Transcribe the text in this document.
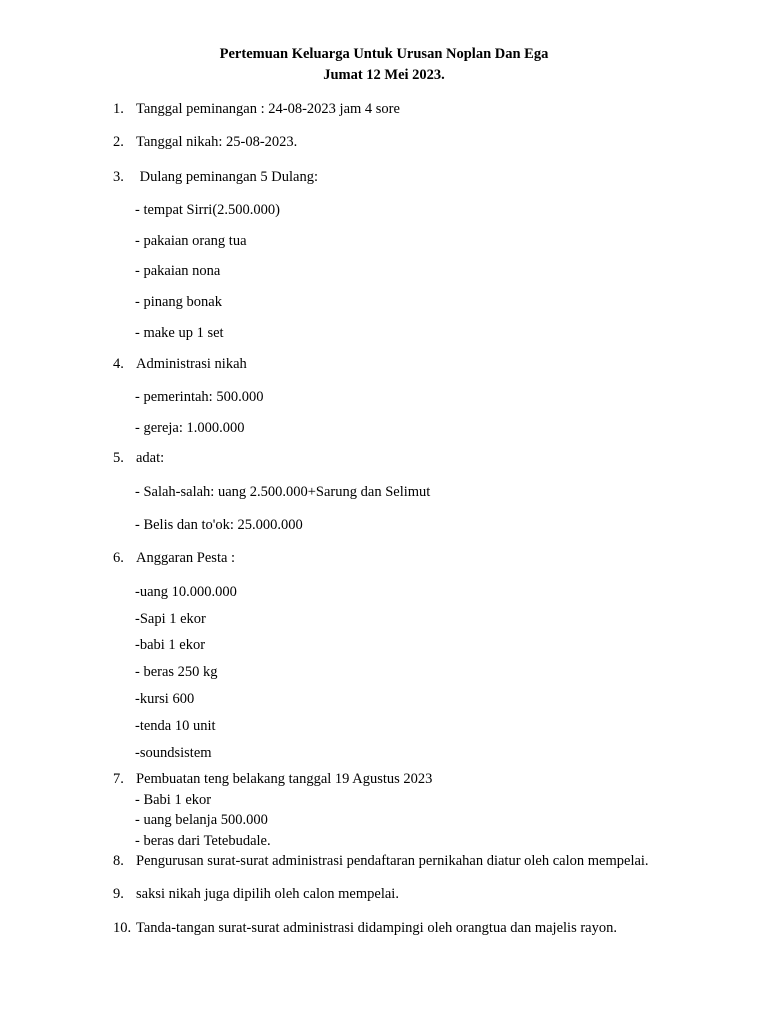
Pertemuan Keluarga Untuk Urusan Noplan Dan Ega
Jumat 12 Mei 2023.
1. Tanggal peminangan : 24-08-2023 jam 4 sore
2. Tanggal nikah: 25-08-2023.
3. Dulang peminangan 5 Dulang:
- tempat Sirri(2.500.000)
- pakaian orang tua
- pakaian nona
- pinang bonak
- make up 1 set
4. Administrasi nikah
- pemerintah: 500.000
- gereja: 1.000.000
5. adat:
- Salah-salah: uang 2.500.000+Sarung dan Selimut
- Belis dan to'ok: 25.000.000
6. Anggaran Pesta :
-uang 10.000.000
-Sapi 1 ekor
-babi 1 ekor
- beras 250 kg
-kursi 600
-tenda 10 unit
-soundsistem
7. Pembuatan teng belakang tanggal 19 Agustus 2023
- Babi 1 ekor
- uang belanja 500.000
- beras dari Tetebudale.
8. Pengurusan surat-surat administrasi pendaftaran pernikahan diatur oleh calon mempelai.
9. saksi nikah juga dipilih oleh calon mempelai.
10. Tanda-tangan surat-surat administrasi didampingi oleh orangtua dan majelis rayon.
